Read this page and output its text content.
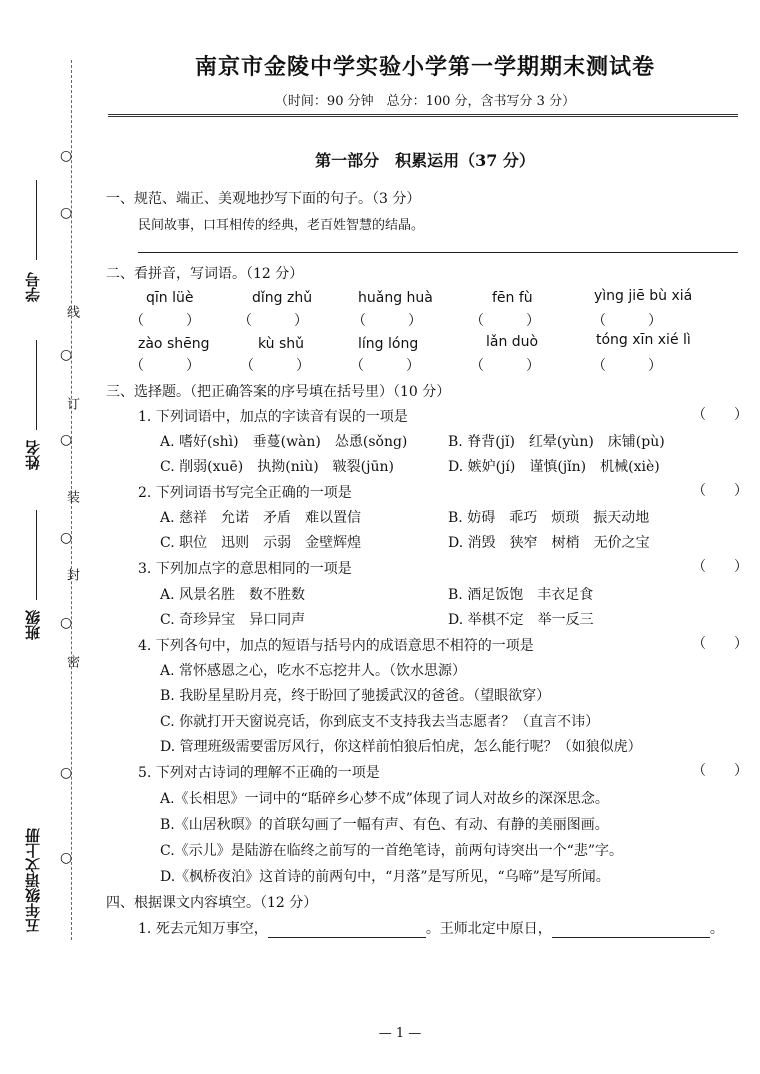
学号
姓名
班级
五年级语文上册
○
○
线
○
订
○
装
○
封
○
密
○
○
南京市金陵中学实验小学第一学期期末测试卷
（时间：90 分钟　总分：100 分，含书写分 3 分）
第一部分　积累运用（37 分）
一、规范、端正、美观地抄写下面的句子。（3 分）
民间故事，口耳相传的经典，老百姓智慧的结晶。
二、看拼音，写词语。（12 分）
qīn lüè	dǐng zhǔ	huǎng huà	fēn fù	yìng jiē bù xiá
（　　　）	（　　　）	（　　　）	（　　　）	（　　　）
zào shēng	kù shǔ	líng lóng	lǎn duò	tóng xīn xié lì
（　　　）	（　　　）	（　　　）	（　　　）	（　　　）
三、选择题。（把正确答案的序号填在括号里）（10 分）
1. 下列词语中，加点的字读音有误的一项是	（　　）
A. 嗜好(shì)　垂蔓(wàn)　怂恿(sǒng)	B. 脊背(jǐ)　红晕(yùn)　床铺(pù)
C. 削弱(xuē)　执拗(niù)　皲裂(jūn)	D. 嫉妒(jí)　谨慎(jǐn)　机械(xiè)
2. 下列词语书写完全正确的一项是	（　　）
A. 慈祥　允诺　矛盾　难以置信	B. 妨碍　乖巧　烦琐　振天动地
C. 职位　迅则　示弱　金壁辉煌	D. 消毁　狭窄　树梢　无价之宝
3. 下列加点字的意思相同的一项是	（　　）
A. 风景名胜　数不胜数	B. 酒足饭饱　丰衣足食
C. 奇珍异宝　异口同声	D. 举棋不定　举一反三
4. 下列各句中，加点的短语与括号内的成语意思不相符的一项是	（　　）
A. 常怀感恩之心，吃水不忘挖井人。（饮水思源）
B. 我盼星星盼月亮，终于盼回了驰援武汉的爸爸。（望眼欲穿）
C. 你就打开天窗说亮话，你到底支不支持我去当志愿者？（直言不讳）
D. 管理班级需要雷厉风行，你这样前怕狼后怕虎，怎么能行呢？（如狼似虎）
5. 下列对古诗词的理解不正确的一项是	（　　）
A.《长相思》一词中的“聒碎乡心梦不成”体现了词人对故乡的深深思念。
B.《山居秋暝》的首联勾画了一幅有声、有色、有动、有静的美丽图画。
C.《示儿》是陆游在临终之前写的一首绝笔诗，前两句诗突出一个“悲”字。
D.《枫桥夜泊》这首诗的前两句中，“月落”是写所见，“乌啼”是写所闻。
四、根据课文内容填空。（12 分）
1. 死去元知万事空，	。王师北定中原日，	。
— 1 —
